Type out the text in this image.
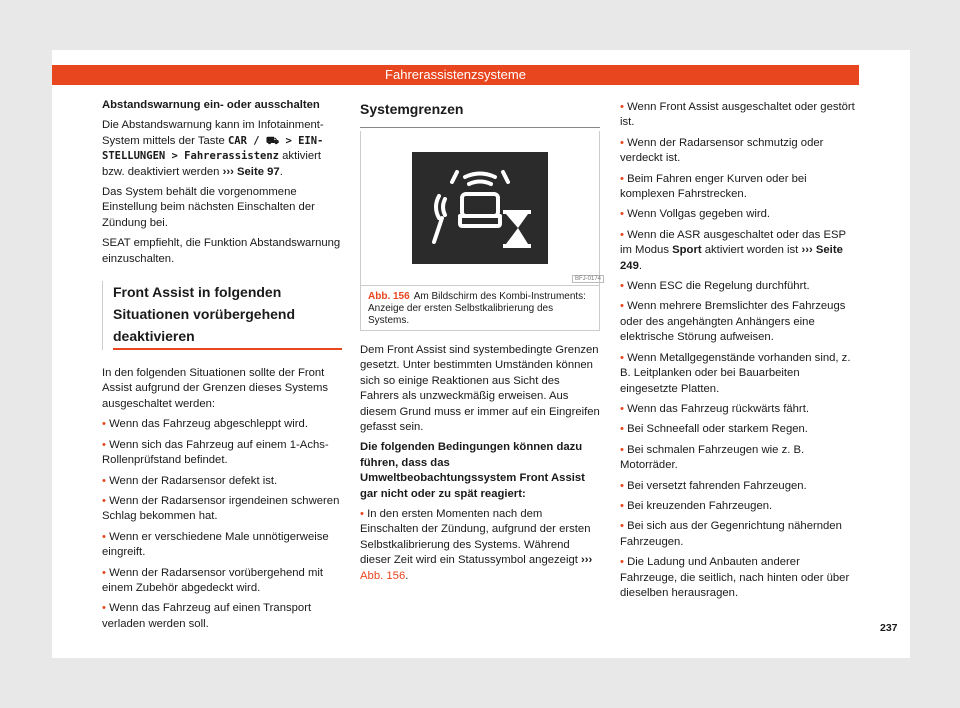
Fahrerassistenzsysteme

Abstandswarnung ein- oder ausschalten

Die Abstandswarnung kann im Infotainment-System mittels der Taste CAR / ⛟ > EIN-STELLUNGEN > Fahrerassistenz aktiviert bzw. deaktiviert werden ››› Seite 97.

Das System behält die vorgenommene Einstellung beim nächsten Einschalten der Zündung bei.

SEAT empfiehlt, die Funktion Abstandswarnung einzuschalten.

Front Assist in folgenden Situationen vorübergehend deaktivieren

In den folgenden Situationen sollte der Front Assist aufgrund der Grenzen dieses Systems ausgeschaltet werden:

• Wenn das Fahrzeug abgeschleppt wird.

• Wenn sich das Fahrzeug auf einem 1-Achs-Rollenprüfstand befindet.

• Wenn der Radarsensor defekt ist.

• Wenn der Radarsensor irgendeinen schweren Schlag bekommen hat.

• Wenn er verschiedene Male unnötigerweise eingreift.

• Wenn der Radarsensor vorübergehend mit einem Zubehör abgedeckt wird.

• Wenn das Fahrzeug auf einen Transport verladen werden soll.

Systemgrenzen
BFJ-0174
Abb. 156 Am Bildschirm des Kombi-Instruments: Anzeige der ersten Selbstkalibrierung des Systems.

Dem Front Assist sind systembedingte Grenzen gesetzt. Unter bestimmten Umständen können sich so einige Reaktionen aus Sicht des Fahrers als unzweckmäßig erweisen. Aus diesem Grund muss er immer auf ein Eingreifen gefasst sein.

Die folgenden Bedingungen können dazu führen, dass das Umweltbeobachtungssystem Front Assist gar nicht oder zu spät reagiert:

• In den ersten Momenten nach dem Einschalten der Zündung, aufgrund der ersten Selbstkalibrierung des Systems. Während dieser Zeit wird ein Statussymbol angezeigt ››› Abb. 156.

• Wenn Front Assist ausgeschaltet oder gestört ist.

• Wenn der Radarsensor schmutzig oder verdeckt ist.

• Beim Fahren enger Kurven oder bei komplexen Fahrstrecken.

• Wenn Vollgas gegeben wird.

• Wenn die ASR ausgeschaltet oder das ESP im Modus Sport aktiviert worden ist ››› Seite 249.

• Wenn ESC die Regelung durchführt.

• Wenn mehrere Bremslichter des Fahrzeugs oder des angehängten Anhängers eine elektrische Störung aufweisen.

• Wenn Metallgegenstände vorhanden sind, z. B. Leitplanken oder bei Bauarbeiten eingesetzte Platten.

• Wenn das Fahrzeug rückwärts fährt.

• Bei Schneefall oder starkem Regen.

• Bei schmalen Fahrzeugen wie z. B. Motorräder.

• Bei versetzt fahrenden Fahrzeugen.

• Bei kreuzenden Fahrzeugen.

• Bei sich aus der Gegenrichtung nähernden Fahrzeugen.

• Die Ladung und Anbauten anderer Fahrzeuge, die seitlich, nach hinten oder über dieselben herausragen.

237
